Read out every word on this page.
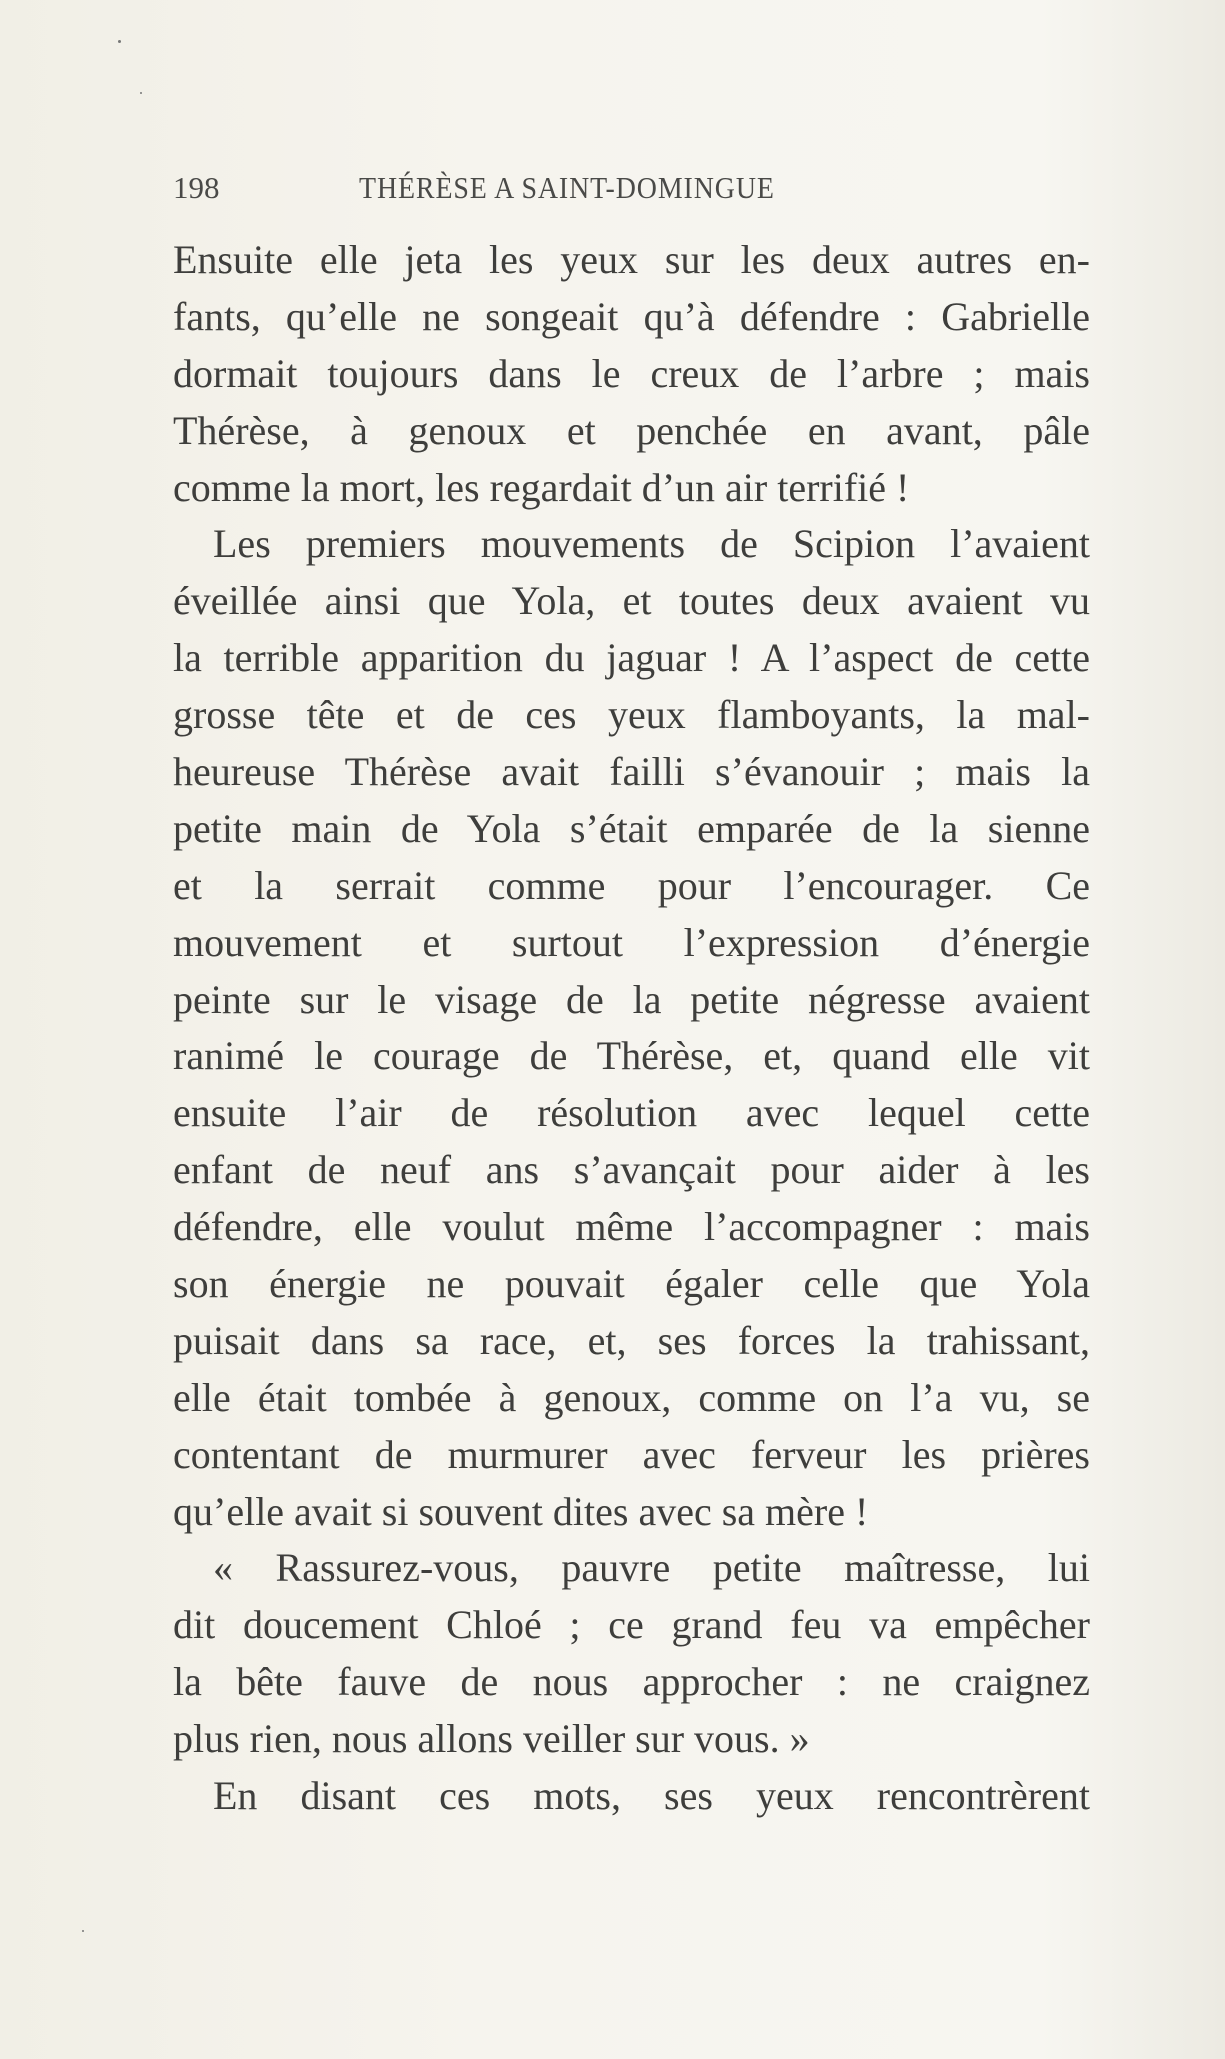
198	THÉRÈSE A SAINT-DOMINGUE
Ensuite elle jeta les yeux sur les deux autres en-
fants, qu’elle ne songeait qu’à défendre : Gabrielle
dormait toujours dans le creux de l’arbre ; mais
Thérèse, à genoux et penchée en avant, pâle
comme la mort, les regardait d’un air terrifié !
Les premiers mouvements de Scipion l’avaient
éveillée ainsi que Yola, et toutes deux avaient vu
la terrible apparition du jaguar ! A l’aspect de cette
grosse tête et de ces yeux flamboyants, la mal-
heureuse Thérèse avait failli s’évanouir ; mais la
petite main de Yola s’était emparée de la sienne
et la serrait comme pour l’encourager. Ce
mouvement et surtout l’expression d’énergie
peinte sur le visage de la petite négresse avaient
ranimé le courage de Thérèse, et, quand elle vit
ensuite l’air de résolution avec lequel cette
enfant de neuf ans s’avançait pour aider à les
défendre, elle voulut même l’accompagner : mais
son énergie ne pouvait égaler celle que Yola
puisait dans sa race, et, ses forces la trahissant,
elle était tombée à genoux, comme on l’a vu, se
contentant de murmurer avec ferveur les prières
qu’elle avait si souvent dites avec sa mère !
« Rassurez-vous, pauvre petite maîtresse, lui
dit doucement Chloé ; ce grand feu va empêcher
la bête fauve de nous approcher : ne craignez
plus rien, nous allons veiller sur vous. »
En disant ces mots, ses yeux rencontrèrent
